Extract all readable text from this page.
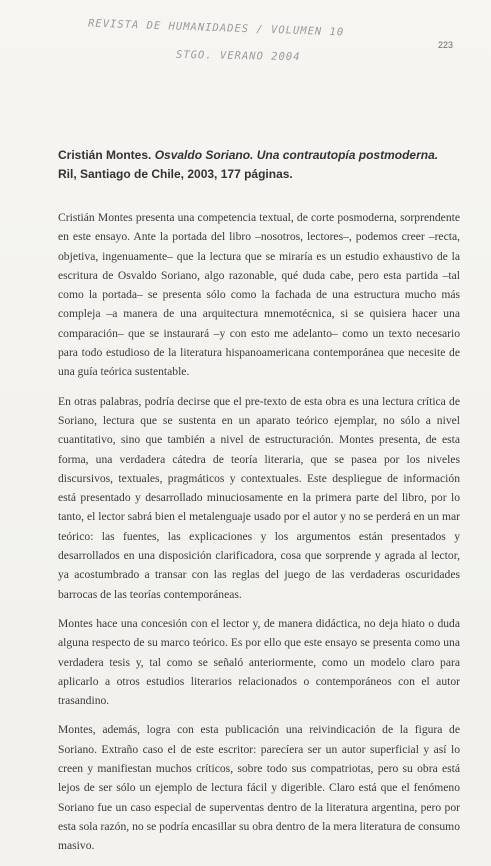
REVISTA DE HUMANIDADES / VOLUMEN 10
STGO. VERANO 2004
223
Cristián Montes. Osvaldo Soriano. Una contrautopía postmoderna. Ril, Santiago de Chile, 2003, 177 páginas.

Cristián Montes presenta una competencia textual, de corte posmoderna, sorprendente en este ensayo. Ante la portada del libro –nosotros, lectores–, podemos creer –recta, objetiva, ingenuamente– que la lectura que se miraría es un estudio exhaustivo de la escritura de Osvaldo Soriano, algo razonable, qué duda cabe, pero esta partida –tal como la portada– se presenta sólo como la fachada de una estructura mucho más compleja –a manera de una arquitectura mnemotécnica, si se quisiera hacer una comparación– que se instaurará –y con esto me adelanto– como un texto necesario para todo estudioso de la literatura hispanoamericana contemporánea que necesite de una guía teórica sustentable.

En otras palabras, podría decirse que el pre-texto de esta obra es una lectura crítica de Soriano, lectura que se sustenta en un aparato teórico ejemplar, no sólo a nivel cuantitativo, sino que también a nivel de estructuración. Montes presenta, de esta forma, una verdadera cátedra de teoría literaria, que se pasea por los niveles discursivos, textuales, pragmáticos y contextuales. Este despliegue de información está presentado y desarrollado minuciosamente en la primera parte del libro, por lo tanto, el lector sabrá bien el metalenguaje usado por el autor y no se perderá en un mar teórico: las fuentes, las explicaciones y los argumentos están presentados y desarrollados en una disposición clarificadora, cosa que sorprende y agrada al lector, ya acostumbrado a transar con las reglas del juego de las verdaderas oscuridades barrocas de las teorías contemporáneas.

Montes hace una concesión con el lector y, de manera didáctica, no deja hiato o duda alguna respecto de su marco teórico. Es por ello que este ensayo se presenta como una verdadera tesis y, tal como se señaló anteriormente, como un modelo claro para aplicarlo a otros estudios literarios relacionados o contemporáneos con el autor trasandino.

Montes, además, logra con esta publicación una reivindicación de la figura de Soriano. Extraño caso el de este escritor: parecíera ser un autor superficial y así lo creen y manifiestan muchos críticos, sobre todo sus compatriotas, pero su obra está lejos de ser sólo un ejemplo de lectura fácil y digerible. Claro está que el fenómeno Soriano fue un caso especial de superventas dentro de la literatura argentina, pero por esta sola razón, no se podría encasillar su obra dentro de la mera literatura de consumo masivo.
